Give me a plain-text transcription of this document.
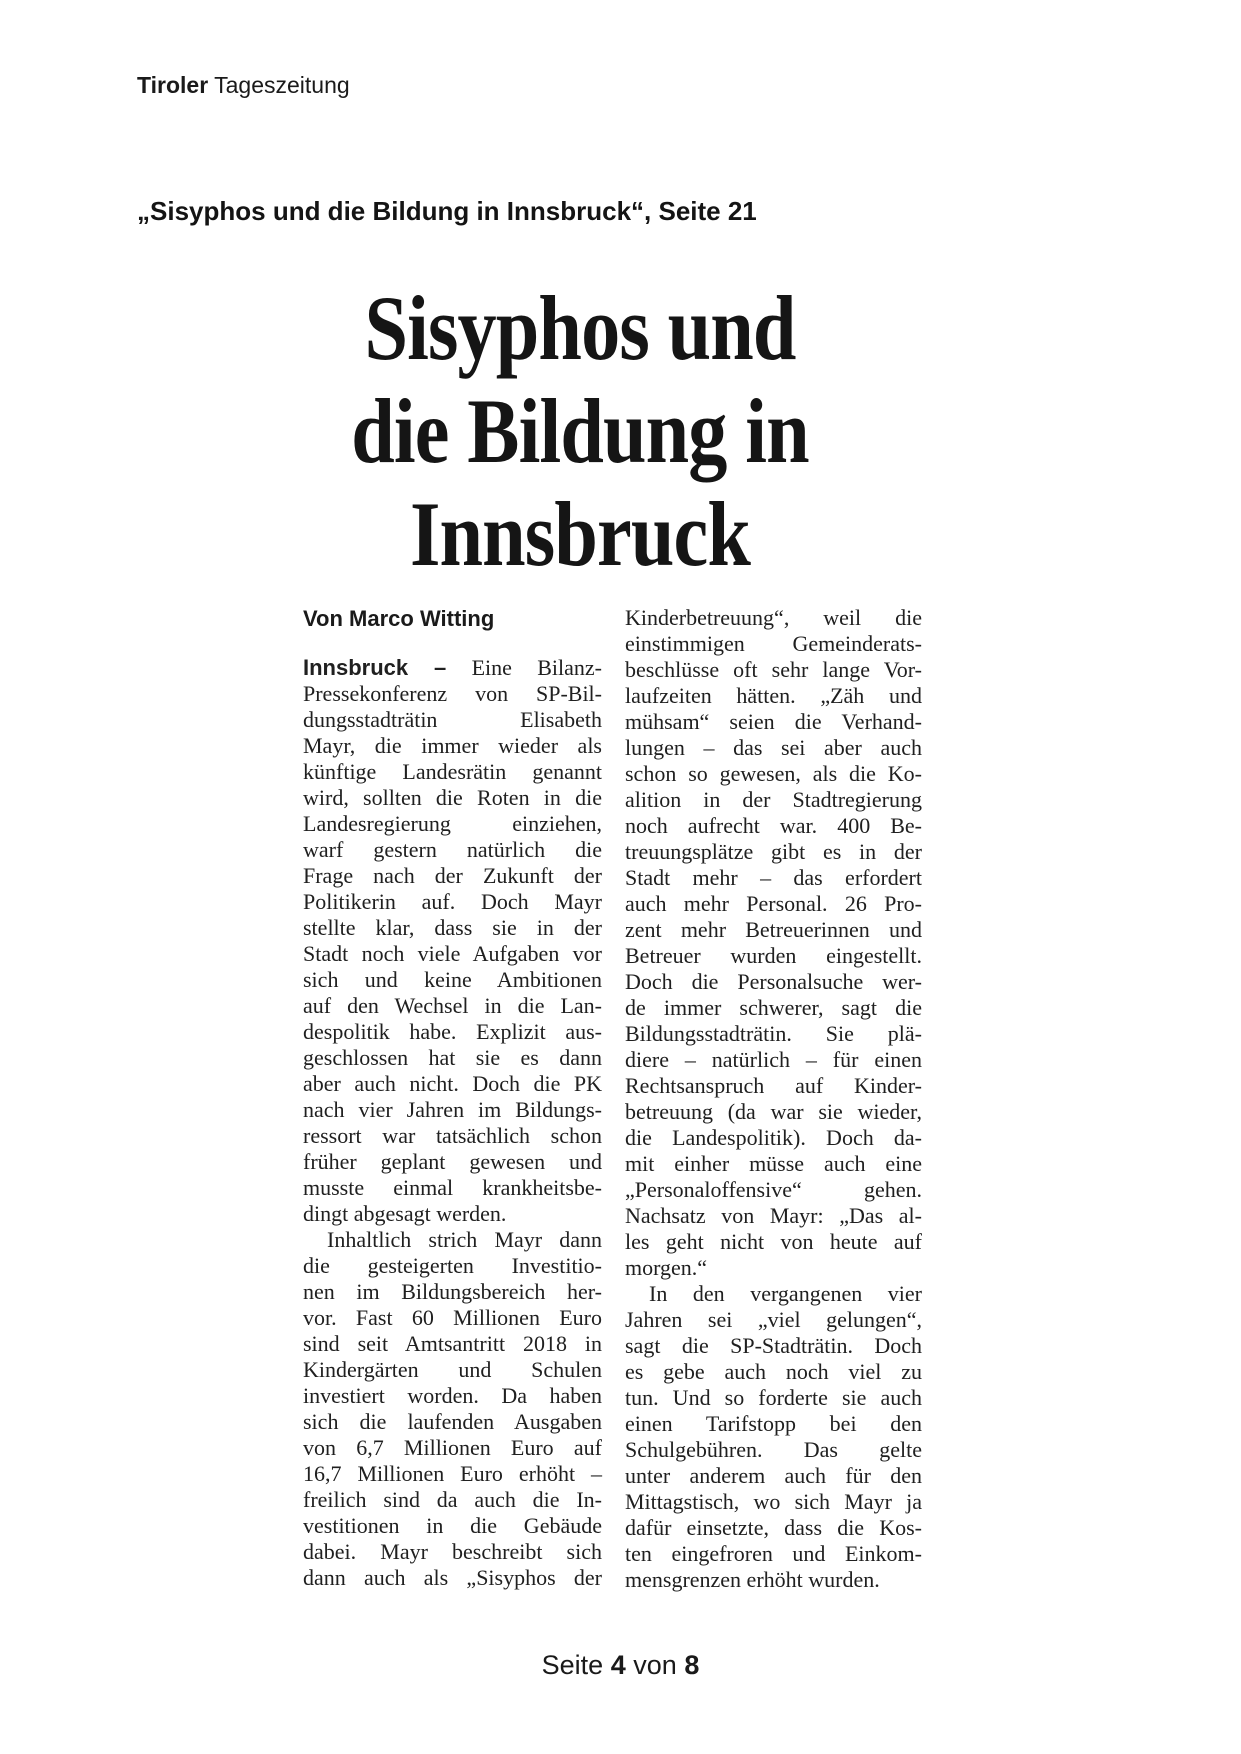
Tiroler Tageszeitung
„Sisyphos und die Bildung in Innsbruck“, Seite 21
Sisyphos und
die Bildung in
Innsbruck
Von Marco Witting
Innsbruck – Eine Bilanz-
Pressekonferenz von SP-Bil-
dungsstadträtin Elisabeth
Mayr, die immer wieder als
künftige Landesrätin genannt
wird, sollten die Roten in die
Landesregierung einziehen,
warf gestern natürlich die
Frage nach der Zukunft der
Politikerin auf. Doch Mayr
stellte klar, dass sie in der
Stadt noch viele Aufgaben vor
sich und keine Ambitionen
auf den Wechsel in die Lan-
despolitik habe. Explizit aus-
geschlossen hat sie es dann
aber auch nicht. Doch die PK
nach vier Jahren im Bildungs-
ressort war tatsächlich schon
früher geplant gewesen und
musste einmal krankheitsbe-
dingt abgesagt werden.
Inhaltlich strich Mayr dann
die gesteigerten Investitio-
nen im Bildungsbereich her-
vor. Fast 60 Millionen Euro
sind seit Amtsantritt 2018 in
Kindergärten und Schulen
investiert worden. Da haben
sich die laufenden Ausgaben
von 6,7 Millionen Euro auf
16,7 Millionen Euro erhöht –
freilich sind da auch die In-
vestitionen in die Gebäude
dabei. Mayr beschreibt sich
dann auch als „Sisyphos der
Kinderbetreuung“, weil die
einstimmigen Gemeinderats-
beschlüsse oft sehr lange Vor-
laufzeiten hätten. „Zäh und
mühsam“ seien die Verhand-
lungen – das sei aber auch
schon so gewesen, als die Ko-
alition in der Stadtregierung
noch aufrecht war. 400 Be-
treuungsplätze gibt es in der
Stadt mehr – das erfordert
auch mehr Personal. 26 Pro-
zent mehr Betreuerinnen und
Betreuer wurden eingestellt.
Doch die Personalsuche wer-
de immer schwerer, sagt die
Bildungsstadträtin. Sie plä-
diere – natürlich – für einen
Rechtsanspruch auf Kinder-
betreuung (da war sie wieder,
die Landespolitik). Doch da-
mit einher müsse auch eine
„Personaloffensive“ gehen.
Nachsatz von Mayr: „Das al-
les geht nicht von heute auf
morgen.“
In den vergangenen vier
Jahren sei „viel gelungen“,
sagt die SP-Stadträtin. Doch
es gebe auch noch viel zu
tun. Und so forderte sie auch
einen Tarifstopp bei den
Schulgebühren. Das gelte
unter anderem auch für den
Mittagstisch, wo sich Mayr ja
dafür einsetzte, dass die Kos-
ten eingefroren und Einkom-
mensgrenzen erhöht wurden.
Seite 4 von 8
